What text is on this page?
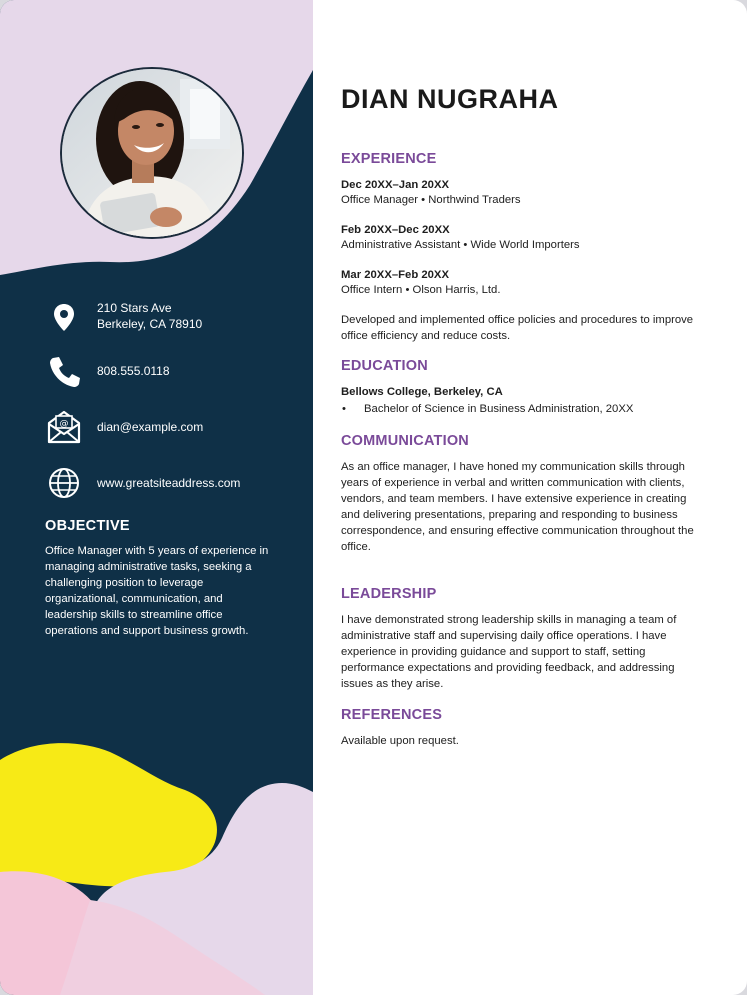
210 Stars Ave
Berkeley, CA 78910
808.555.0118
@ dian@example.com
www.greatsiteaddress.com
OBJECTIVE
Office Manager with 5 years of experience in managing administrative tasks, seeking a challenging position to leverage organizational, communication, and leadership skills to streamline office operations and support business growth.
DIAN NUGRAHA
EXPERIENCE
Dec 20XX–Jan 20XX
Office Manager • Northwind Traders
Feb 20XX–Dec 20XX
Administrative Assistant • Wide World Importers
Mar 20XX–Feb 20XX
Office Intern • Olson Harris, Ltd.
Developed and implemented office policies and procedures to improve office efficiency and reduce costs.
EDUCATION
Bellows College, Berkeley, CA
• Bachelor of Science in Business Administration, 20XX
COMMUNICATION
As an office manager, I have honed my communication skills through years of experience in verbal and written communication with clients, vendors, and team members. I have extensive experience in creating and delivering presentations, preparing and responding to business correspondence, and ensuring effective communication throughout the office.
LEADERSHIP
I have demonstrated strong leadership skills in managing a team of administrative staff and supervising daily office operations. I have experience in providing guidance and support to staff, setting performance expectations and providing feedback, and addressing issues as they arise.
REFERENCES
Available upon request.
